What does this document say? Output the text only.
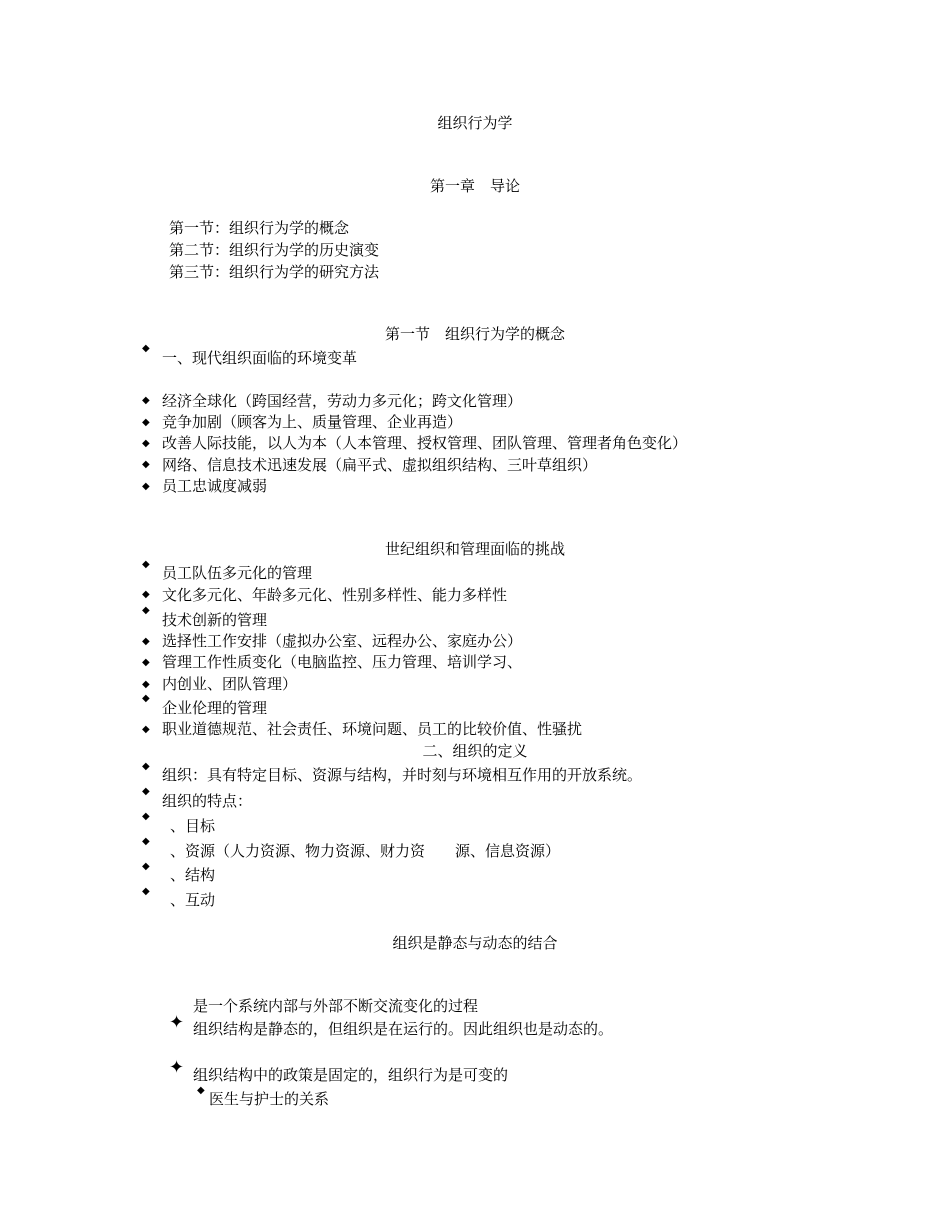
组织行为学
第一章　导论
第一节：组织行为学的概念
第二节：组织行为学的历史演变
第三节：组织行为学的研究方法
第一节　组织行为学的概念
◆
一、现代组织面临的环境变革
◆ 经济全球化（跨国经营，劳动力多元化；跨文化管理）
◆ 竞争加剧（顾客为上、质量管理、企业再造）
◆ 改善人际技能，以人为本（人本管理、授权管理、团队管理、管理者角色变化）
◆ 网络、信息技术迅速发展（扁平式、虚拟组织结构、三叶草组织）
◆ 员工忠诚度减弱
世纪组织和管理面临的挑战
◆ 员工队伍多元化的管理
◆ 文化多元化、年龄多元化、性别多样性、能力多样性
◆
技术创新的管理
◆ 选择性工作安排（虚拟办公室、远程办公、家庭办公）
◆ 管理工作性质变化（电脑监控、压力管理、培训学习、
◆ 内创业、团队管理）
◆
企业伦理的管理
◆ 职业道德规范、社会责任、环境问题、员工的比较价值、性骚扰
二、组织的定义
◆ 组织：具有特定目标、资源与结构，并时刻与环境相互作用的开放系统。
◆
组织的特点：
◆
、目标
◆
、资源（人力资源、物力资源、财力资　　源、信息资源）
◆ 、结构
◆ 、互动
组织是静态与动态的结合
是一个系统内部与外部不断交流变化的过程
✦ 组织结构是静态的，但组织是在运行的。因此组织也是动态的。
✦ 组织结构中的政策是固定的，组织行为是可变的
◆ 医生与护士的关系
